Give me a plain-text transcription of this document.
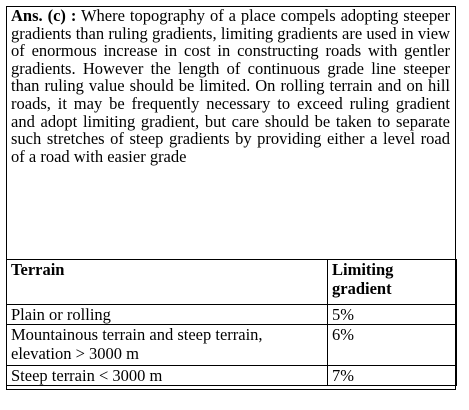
Ans. (c) : Where topography of a place compels adopting steeper gradients than ruling gradients, limiting gradients are used in view of enormous increase in cost in constructing roads with gentler gradients. However the length of continuous grade line steeper than ruling value should be limited. On rolling terrain and on hill roads, it may be frequently necessary to exceed ruling gradient and adopt limiting gradient, but care should be taken to separate such stretches of steep gradients by providing either a level road of a road with easier grade

Terrain	Limiting gradient
Plain or rolling	5%
Mountainous terrain and steep terrain, elevation > 3000 m	6%
Steep terrain < 3000 m	7%
